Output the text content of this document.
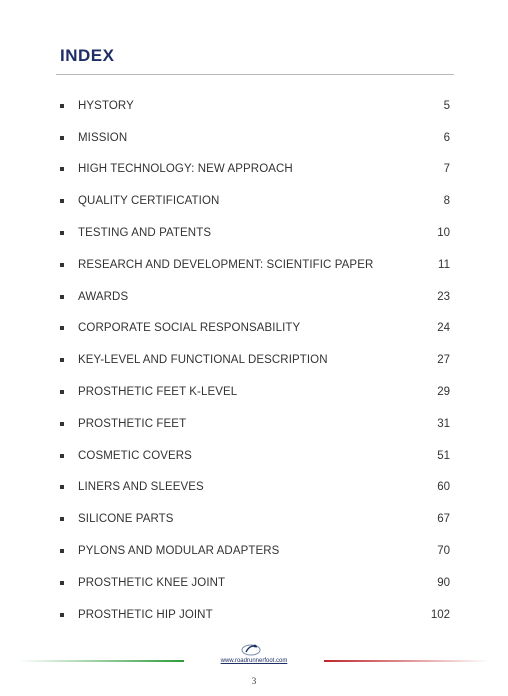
INDEX
HYSTORY	5
MISSION	6
HIGH TECHNOLOGY: NEW APPROACH	7
QUALITY CERTIFICATION	8
TESTING AND PATENTS	10
RESEARCH AND DEVELOPMENT: SCIENTIFIC PAPER	11
AWARDS	23
CORPORATE SOCIAL RESPONSABILITY	24
KEY-LEVEL AND FUNCTIONAL DESCRIPTION	27
PROSTHETIC FEET K-LEVEL	29
PROSTHETIC FEET	31
COSMETIC COVERS	51
LINERS AND SLEEVES	60
SILICONE PARTS	67
PYLONS AND MODULAR ADAPTERS	70
PROSTHETIC KNEE JOINT	90
PROSTHETIC HIP JOINT	102
www.roadrunnerfoot.com
3
